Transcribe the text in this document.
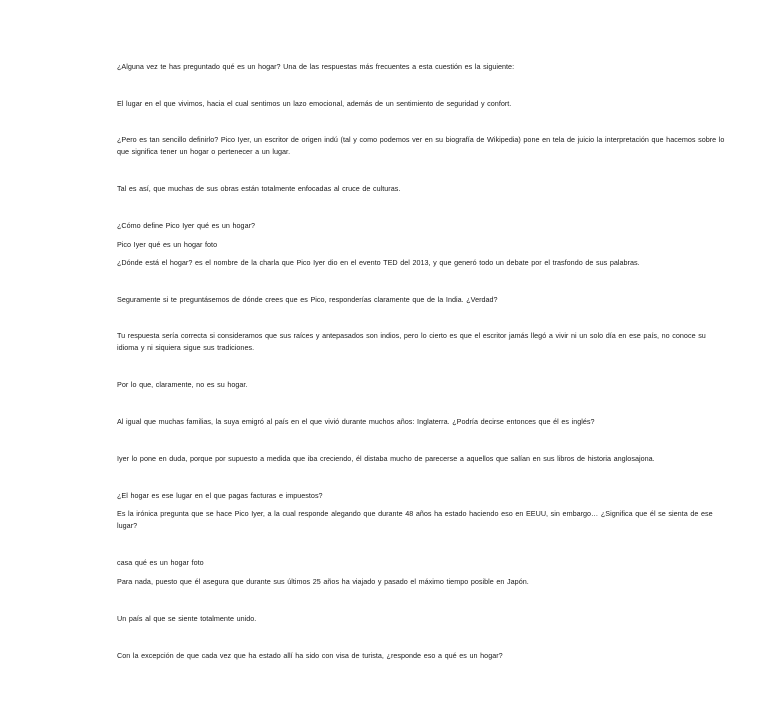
¿Alguna vez te has preguntado qué es un hogar? Una de las respuestas más frecuentes a esta cuestión es la siguiente:

El lugar en el que vivimos, hacia el cual sentimos un lazo emocional, además de un sentimiento de seguridad y confort.

¿Pero es tan sencillo definirlo? Pico Iyer, un escritor de origen indú (tal y como podemos ver en su biografía de Wikipedia) pone en tela de juicio la interpretación que hacemos sobre lo que significa tener un hogar o pertenecer a un lugar.

Tal es así, que muchas de sus obras están totalmente enfocadas al cruce de culturas.

¿Cómo define Pico Iyer qué es un hogar?

Pico Iyer qué es un hogar foto

¿Dónde está el hogar? es el nombre de la charla que Pico Iyer dio en el evento TED del 2013, y que generó todo un debate por el trasfondo de sus palabras.

Seguramente si te preguntásemos de dónde crees que es Pico, responderías claramente que de la India. ¿Verdad?

Tu respuesta sería correcta si consideramos que sus raíces y antepasados son indios, pero lo cierto es que el escritor jamás llegó a vivir ni un solo día en ese país, no conoce su idioma y ni siquiera sigue sus tradiciones.

Por lo que, claramente, no es su hogar.

Al igual que muchas familias, la suya emigró al país en el que vivió durante muchos años: Inglaterra. ¿Podría decirse entonces que él es inglés?

Iyer lo pone en duda, porque por supuesto a medida que iba creciendo, él distaba mucho de parecerse a aquellos que salían en sus libros de historia anglosajona.

¿El hogar es ese lugar en el que pagas facturas e impuestos?

Es la irónica pregunta que se hace Pico Iyer, a la cual responde alegando que durante 48 años ha estado haciendo eso en EEUU, sin embargo… ¿Significa que él se sienta de ese lugar?

casa qué es un hogar foto

Para nada, puesto que él asegura que durante sus últimos 25 años ha viajado y pasado el máximo tiempo posible en Japón.

Un país al que se siente totalmente unido.

Con la excepción de que cada vez que ha estado allí ha sido con visa de turista, ¿responde eso a qué es un hogar?
